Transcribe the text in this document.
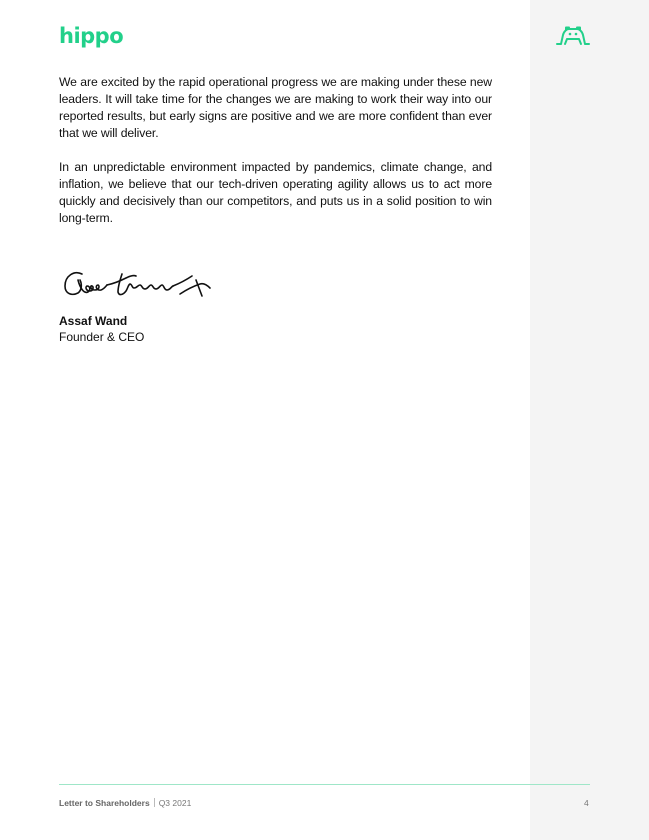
hippo

We are excited by the rapid operational progress we are making under these new leaders. It will take time for the changes we are making to work their way into our reported results, but early signs are positive and we are more confident than ever that we will deliver.

In an unpredictable environment impacted by pandemics, climate change, and inflation, we believe that our tech-driven operating agility allows us to act more quickly and decisively than our competitors, and puts us in a solid position to win long-term.

Assaf Wand
Founder & CEO
Letter to Shareholders Q3 2021	4
